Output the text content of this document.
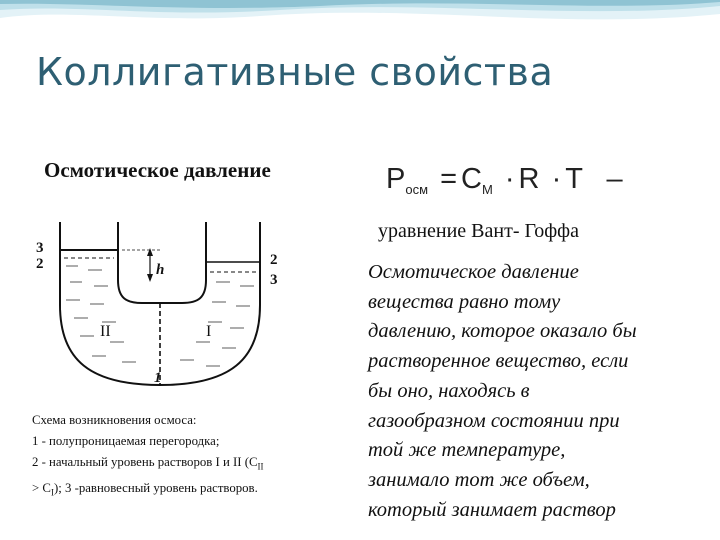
Коллигативные свойства
Осмотическое давление	$P_{осм} = C_M \cdot R \cdot T$ –
уравнение Вант- Гоффа
Осмотическое давление
вещества равно тому
давлению, которое оказало бы
растворенное вещество, если
бы оно, находясь в
газообразном состоянии при
той же температуре,
занимало тот же объем,
который занимает раствор
3
2	2
3
h
II	I
1
Схема возникновения осмоса:
1 - полупроницаемая перегородка;
2 - начальный уровень растворов I и II ($C_{II}$
> $C_I$); 3 -равновесный уровень растворов.
